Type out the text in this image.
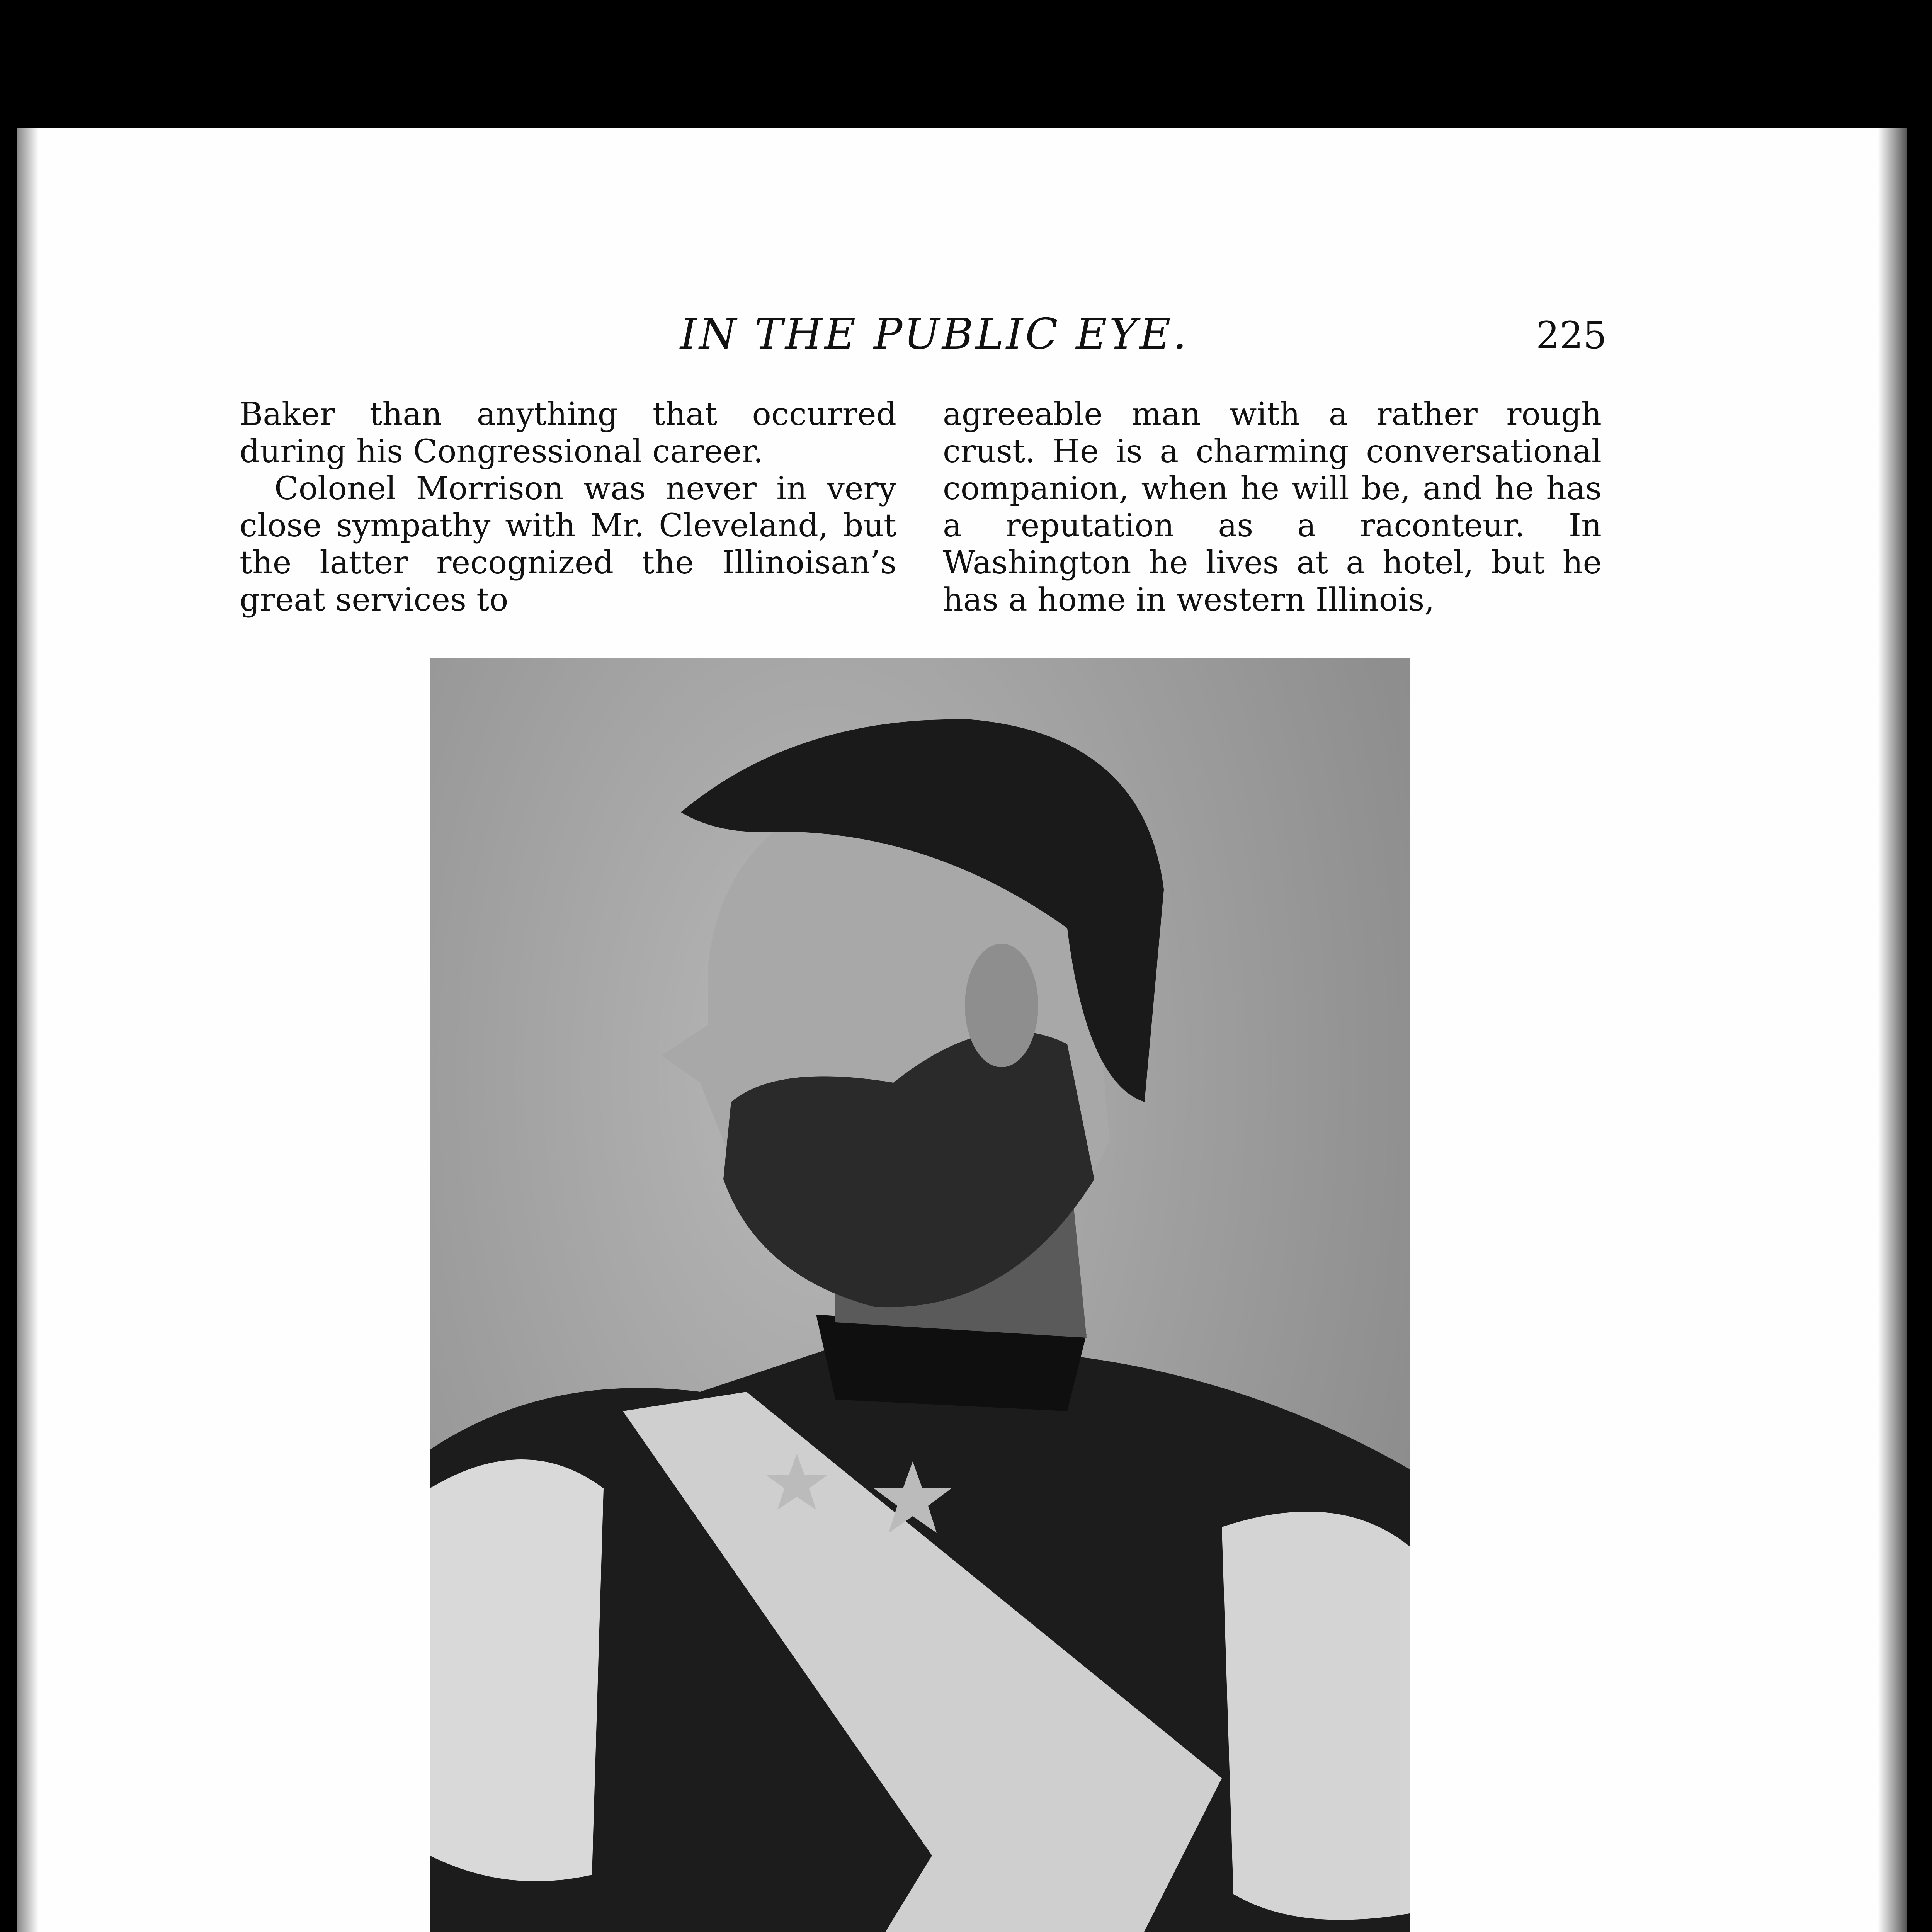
IN THE PUBLIC EYE.	225

Baker than anything that occurred during his Congressional career.

Colonel Morrison was never in very close sympathy with Mr. Cleveland, but the latter recognized the Illinoisan’s great services to

agreeable man with a rather rough crust. He is a charming conversational companion, when he will be, and he has a reputation as a raconteur. In Washington he lives at a hotel, but he has a home in western Illinois,
